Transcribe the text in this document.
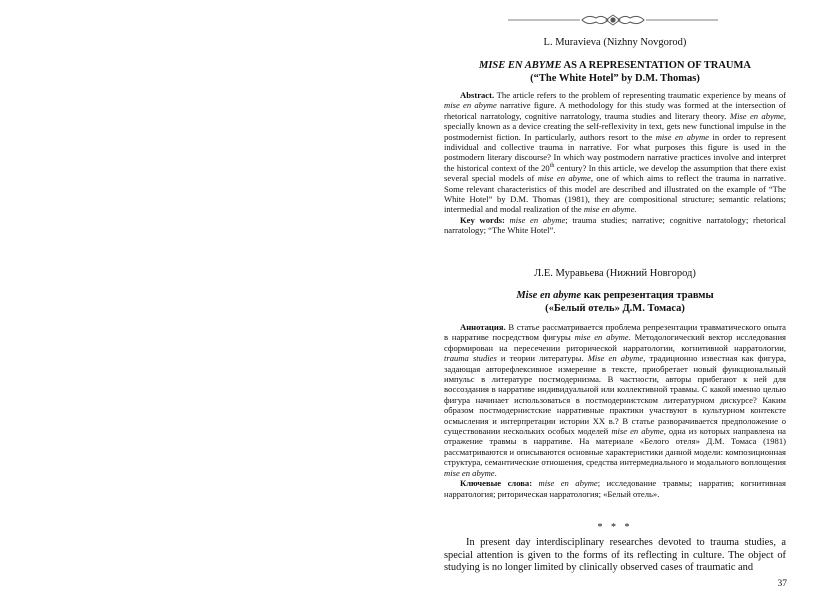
L. Muravieva (Nizhny Novgorod)
MISE EN ABYME AS A REPRESENTATION OF TRAUMA
(“The White Hotel” by D.M. Thomas)

Abstract. The article refers to the problem of representing traumatic experience by means of mise en abyme narrative figure. A methodology for this study was formed at the intersection of rhetorical narratology, cognitive narratology, trauma studies and literary theory. Mise en abyme, specially known as a device creating the self-reflexivity in text, gets new functional impulse in the postmodernist fiction. In particularly, authors resort to the mise en abyme in order to represent individual and collective trauma in narrative. For what purposes this figure is used in the postmodern literary discourse? In which way postmodern narrative practices involve and interpret the historical context of the 20th century? In this article, we develop the assumption that there exist several special models of mise en abyme, one of which aims to reflect the trauma in narrative. Some relevant characteristics of this model are described and illustrated on the example of “The White Hotel” by D.M. Thomas (1981), they are compositional structure; semantic relations; intermedial and modal realization of the mise en abyme.

Key words: mise en abyme; trauma studies; narrative; cognitive narratology; rhetorical narratology; “The White Hotel”.

Л.Е. Муравьева (Нижний Новгород)
Mise en abyme как репрезентация травмы
(«Белый отель» Д.М. Томаса)

Аннотация. В статье рассматривается проблема репрезентации травматического опыта в нарративе посредством фигуры mise en abyme. Методологический вектор исследования сформирован на пересечении риторической нарратологии, когнитивной нарратологии, trauma studies и теории литературы. Mise en abyme, традиционно известная как фигура, задающая авторефлексивное измерение в тексте, приобретает новый функциональный импульс в литературе постмодернизма. В частности, авторы прибегают к ней для воссоздания в нарративе индивидуальной или коллективной травмы. С какой именно целью фигура начинает использоваться в постмодернистском литературном дискурсе? Каким образом постмодернистские нарративные практики участвуют в культурном контексте осмысления и интерпретации истории ХХ в.? В статье разворачивается предположение о существовании нескольких особых моделей mise en abyme, одна из которых направлена на отражение травмы в нарративе. На материале «Белого отеля» Д.М. Томаса (1981) рассматриваются и описываются основные характеристики данной модели: композиционная структура, семантические отношения, средства интермедиального и модального воплощения mise en abyme.

Ключевые слова: mise en abyme; исследование травмы; нарратив; когнитивная нарратология; риторическая нарратология; «Белый отель».

* * *

In present day interdisciplinary researches devoted to trauma studies, a special attention is given to the forms of its reflecting in culture. The object of studying is no longer limited by clinically observed cases of traumatic and

37
